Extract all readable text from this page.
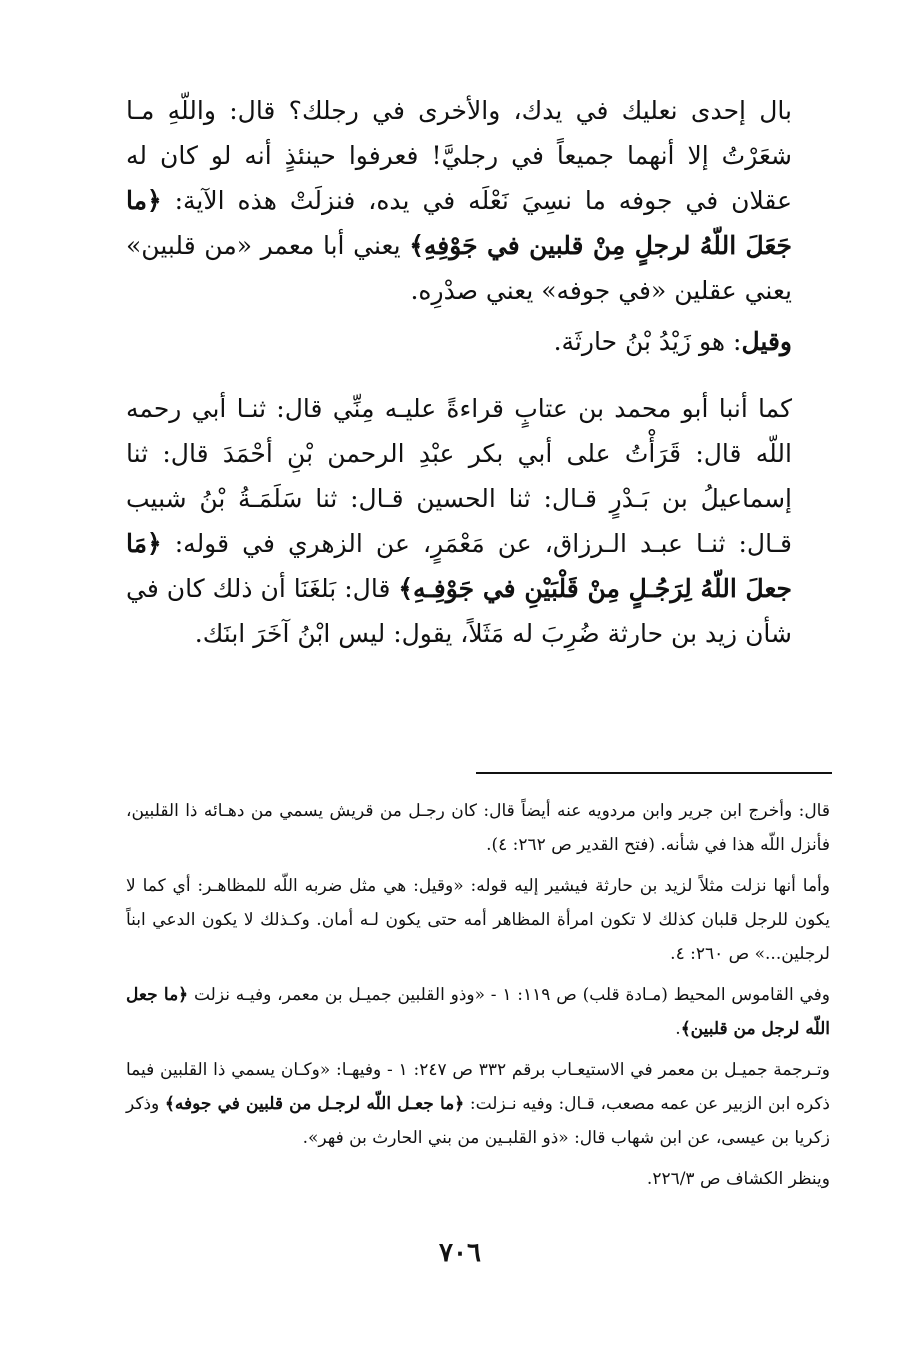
بال إحدى نعليك في يدك، والأخرى في رجلك؟ قال: واللّهِ مـا شعَرْتُ إلا أنهما جميعاً في رجليَّ! فعرفوا حينئذٍ أنه لو كان له عقلان في جوفه ما نسِيَ نَعْلَه في يده، فنزلَتْ هذه الآية: ﴿ما جَعَلَ اللّهُ لرجلٍ مِنْ قلبين في جَوْفِهِ﴾ يعني أبا معمر «من قلبين» يعني عقلين «في جوفه» يعني صدْرِه.

وقيل: هو زَيْدُ بْنُ حارثَة.

كما أنبا أبو محمد بن عتابٍ قراءةً عليـه مِنِّي قال: ثنـا أبي رحمه اللّه قال: قَرَأْتُ على أبي بكر عبْدِ الرحمن بْنِ أحْمَدَ قال: ثنا إسماعيلُ بن بَـدْرٍ قـال: ثنا الحسين قـال: ثنا سَلَمَـةُ بْنُ شبيب قـال: ثنـا عبـد الـرزاق، عن مَعْمَرٍ، عن الزهري في قوله: ﴿مَا جعلَ اللّهُ لِرَجُـلٍ مِنْ قَلْبَيْنِ في جَوْفِـهِ﴾ قال: بَلغَنَا أن ذلك كان في شأن زيد بن حارثة ضُرِبَ له مَثَلاً، يقول: ليس ابْنُ آخَرَ ابنَك.

قال: وأخرج ابن جرير وابن مردويه عنه أيضاً قال: كان رجـل من قريش يسمي من دهـائه ذا القلبين، فأنزل اللّه هذا في شأنه. (فتح القدير ص ٢٦٢: ٤).

وأما أنها نزلت مثلاً لزيد بن حارثة فيشير إليه قوله: «وقيل: هي مثل ضربه اللّه للمظاهـر: أي كما لا يكون للرجل قلبان كذلك لا تكون امرأة المظاهر أمه حتى يكون لـه أمان. وكـذلك لا يكون الدعي ابناً لرجلين...» ص ٢٦٠: ٤.

وفي القاموس المحيط (مـادة قلب) ص ١١٩: ١ - «وذو القلبين جميـل بن معمر، وفيـه نزلت ﴿ما جعل اللّه لرجل من قلبين﴾.

وتـرجمة جميـل بن معمر في الاستيعـاب برقم ٣٣٢ ص ٢٤٧: ١ - وفيهـا: «وكـان يسمي ذا القلبين فيما ذكره ابن الزبير عن عمه مصعب، قـال: وفيه نـزلت: ﴿ما جعـل اللّه لرجـل من قلبين في جوفه﴾ وذكر زكريا بن عيسى، عن ابن شهاب قال: «ذو القلبـين من بني الحارث بن فهر».

وينظر الكشاف ص ٢٢٦/٣.

٧٠٦
